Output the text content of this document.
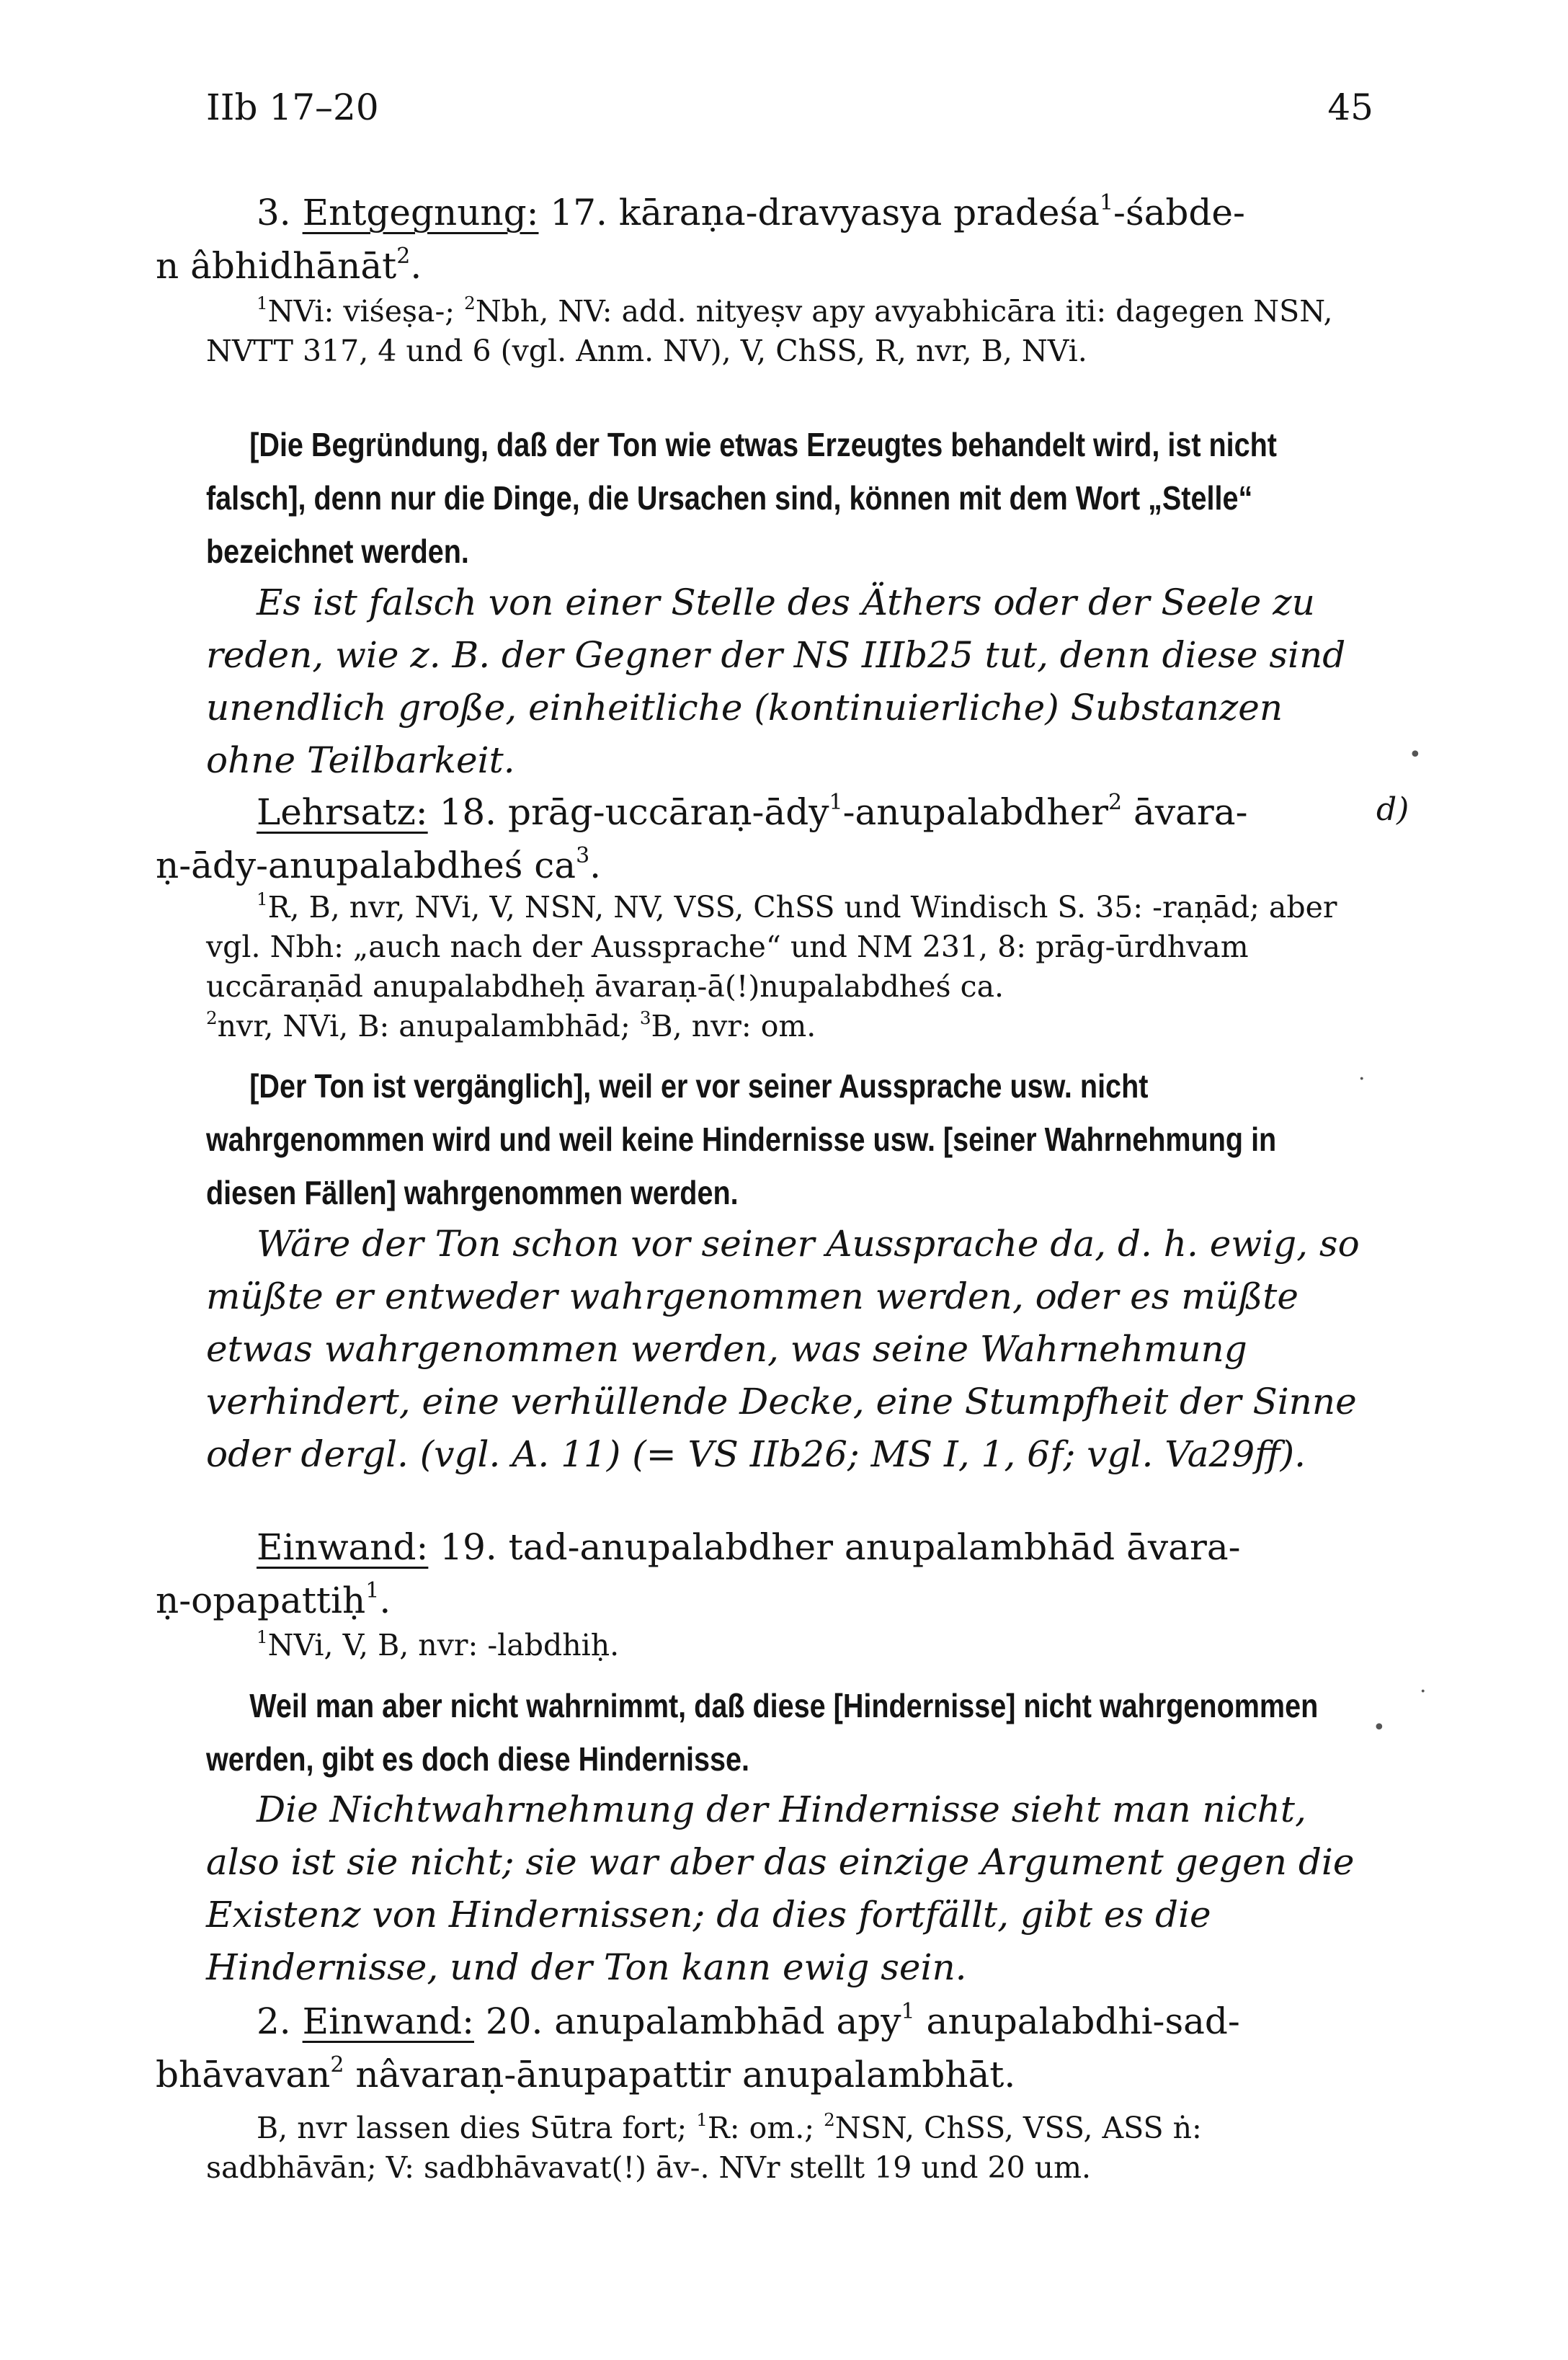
IIb 17–20	45
3. Entgegnung: 17. kāraṇa-dravyasya pradeśa$^1$-śabde-
n âbhidhānāt$^2$.
$^1$NVi: viśeṣa-; $^2$Nbh, NV: add. nityeṣv apy avyabhicāra iti: dagegen NSN, NVTT 317, 4 und 6 (vgl. Anm. NV), V, ChSS, R, nvr, B, NVi.
[Die Begründung, daß der Ton wie etwas Erzeugtes behandelt wird, ist nicht falsch], denn nur die Dinge, die Ursachen sind, können mit dem Wort „Stelle“ bezeichnet werden.
Es ist falsch von einer Stelle des Äthers oder der Seele zu reden, wie z. B. der Gegner der NS IIIb25 tut, denn diese sind unendlich große, einheitliche (kontinuierliche) Substanzen ohne Teilbarkeit.
Lehrsatz: 18. prāg-uccāraṇ-ādy$^1$-anupalabdher$^2$ āvara-
ṇ-ādy-anupalabdheś $ca^3$.
d)
$^1$R, B, nvr, NVi, V, NSN, NV, VSS, ChSS und Windisch S. 35: -raṇād; aber vgl. Nbh: „auch nach der Aussprache“ und NM 231, 8: prāg-ūrdhvam uccāraṇād anupalabdheḥ āvaraṇ-ā(!)nupalabdheś ca.
$^2$nvr, NVi, B: anupalambhād; $^3$B, nvr: om.
[Der Ton ist vergänglich], weil er vor seiner Aussprache usw. nicht wahrgenommen wird und weil keine Hindernisse usw. [seiner Wahrnehmung in diesen Fällen] wahrgenommen werden.
Wäre der Ton schon vor seiner Aussprache da, d. h. ewig, so müßte er entweder wahrgenommen werden, oder es müßte etwas wahrgenommen werden, was seine Wahrnehmung verhindert, eine verhüllende Decke, eine Stumpfheit der Sinne oder dergl. (vgl. A. 11) (= VS IIb26; MS I, 1, 6f; vgl. Va29ff).
Einwand: 19. tad-anupalabdher anupalambhād āvara-
ṇ-opapattiḥ$^1$.
$^1$NVi, V, B, nvr: -labdhiḥ.
Weil man aber nicht wahrnimmt, daß diese [Hindernisse] nicht wahrgenommen werden, gibt es doch diese Hindernisse.
Die Nichtwahrnehmung der Hindernisse sieht man nicht, also ist sie nicht; sie war aber das einzige Argument gegen die Existenz von Hindernissen; da dies fortfällt, gibt es die Hindernisse, und der Ton kann ewig sein.
2. Einwand: 20. anupalambhād apy$^1$ anupalabdhi-sad-
bhāvavan$^2$ nâvaraṇ-ānupapattir anupalambhāt.
B, nvr lassen dies Sūtra fort; $^1$R: om.; $^2$NSN, ChSS, VSS, ASS ṅ: sadbhāvān; V: sadbhāvavat(!) āv-. NVr stellt 19 und 20 um.
•
·
·
•
